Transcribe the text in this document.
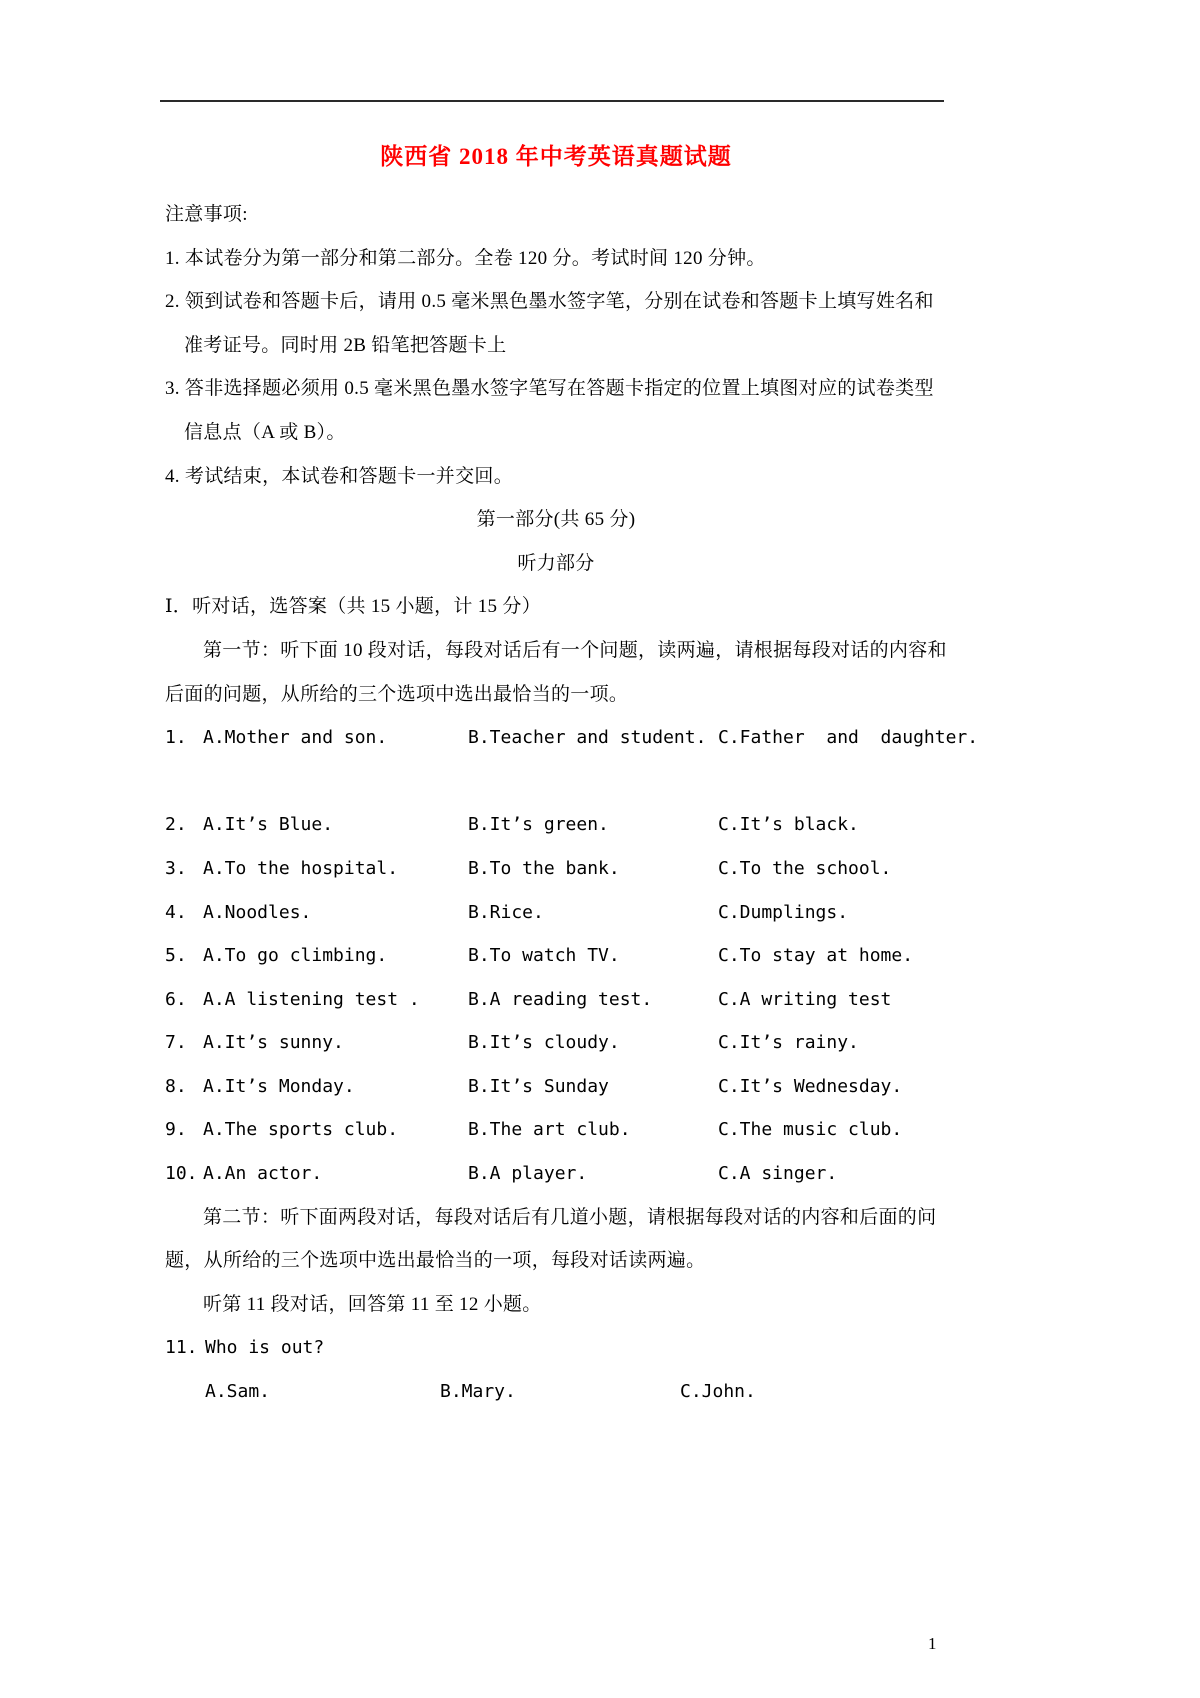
陕西省 2018 年中考英语真题试题

注意事项:

1. 本试卷分为第一部分和第二部分。全卷 120 分。考试时间 120 分钟。

2. 领到试卷和答题卡后，请用 0.5 毫米黑色墨水签字笔，分别在试卷和答题卡上填写姓名和准考证号。同时用 2B 铅笔把答题卡上

3. 答非选择题必须用 0.5 毫米黑色墨水签字笔写在答题卡指定的位置上填图对应的试卷类型信息点（A 或 B）。

4. 考试结束，本试卷和答题卡一并交回。

第一部分(共 65 分)

听力部分

Ⅰ．听对话，选答案（共 15 小题，计 15 分）

第一节：听下面 10 段对话，每段对话后有一个问题，读两遍，请根据每段对话的内容和后面的问题，从所给的三个选项中选出最恰当的一项。

1. A.Mother and son.	B.Teacher and student. C.Father  and  daughter.
2. A.It’s Blue.	B.It’s green.	C.It’s black.
3. A.To the hospital.	B.To the bank.	C.To the school.
4. A.Noodles.	B.Rice.	C.Dumplings.
5. A.To go climbing.	B.To watch TV.	C.To stay at home.
6. A.A listening test .	B.A reading test.	C.A writing test
7. A.It’s sunny.	B.It’s cloudy.	C.It’s rainy.
8. A.It’s Monday.	B.It’s Sunday	C.It’s Wednesday.
9. A.The sports club.	B.The art club.	C.The music club.
10. A.An actor.	B.A player.	C.A singer.

第二节：听下面两段对话，每段对话后有几道小题，请根据每段对话的内容和后面的问题，从所给的三个选项中选出最恰当的一项，每段对话读两遍。

听第 11 段对话，回答第 11 至 12 小题。

11. Who is out?
A.Sam.	B.Mary.	C.John.
1
